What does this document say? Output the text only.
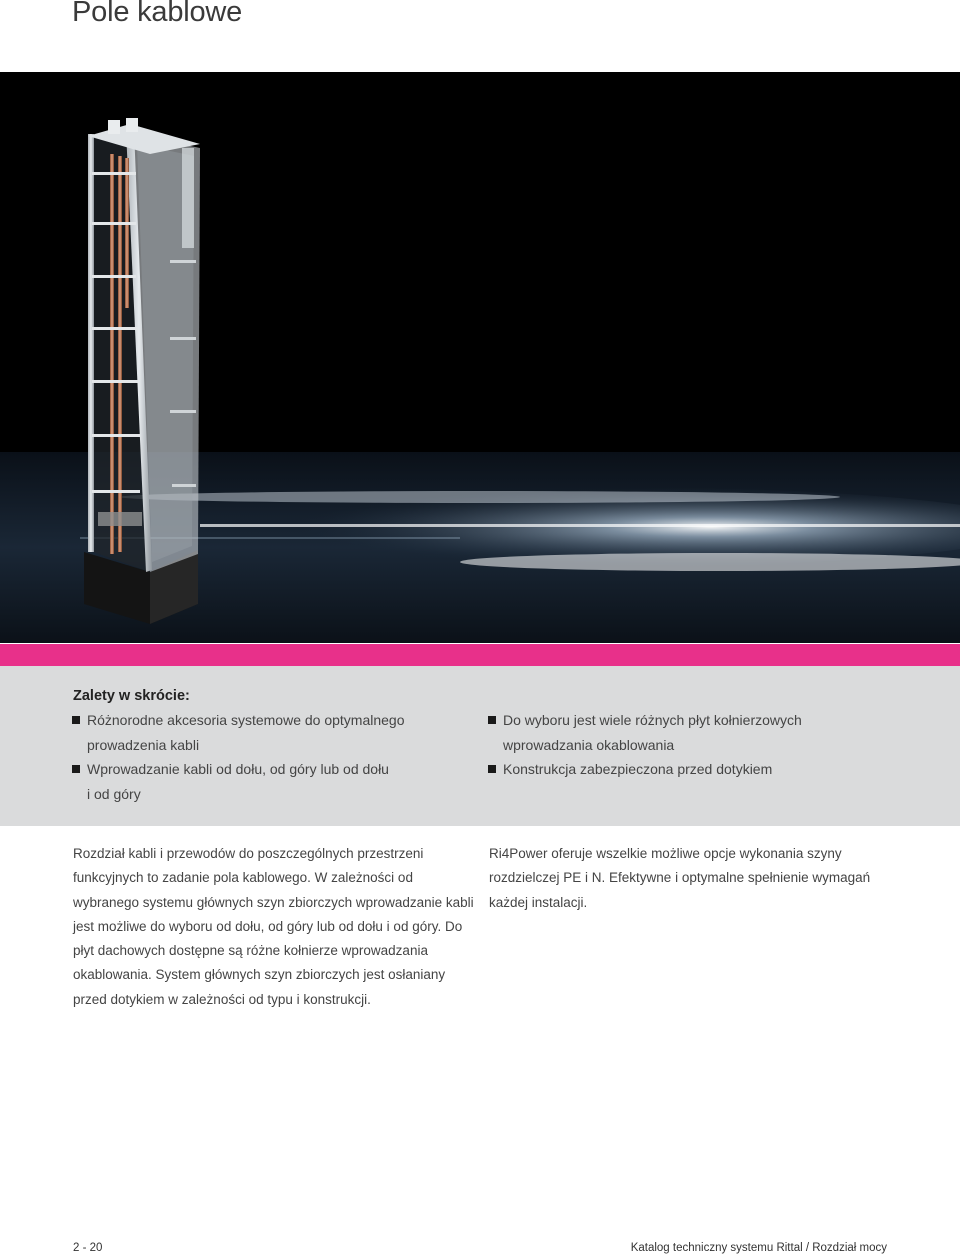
Pole kablowe
Zalety w skrócie:
Różnorodne akcesoria systemowe do optymalnego
prowadzenia kabli
Wprowadzanie kabli od dołu, od góry lub od dołu
i od góry
Do wyboru jest wiele różnych płyt kołnierzowych
wprowadzania okablowania
Konstrukcja zabezpieczona przed dotykiem

Rozdział kabli i przewodów do poszczególnych przestrzeni funkcyjnych to zadanie pola kablowego. W zależności od wybranego systemu głównych szyn zbiorczych wprowadzanie kabli jest możliwe do wyboru od dołu, od góry lub od dołu i od góry. Do płyt dachowych dostępne są różne kołnierze wprowadzania okablowania. System głównych szyn zbiorczych jest osłaniany przed dotykiem w zależności od typu i konstrukcji.

Ri4Power oferuje wszelkie możliwe opcje wykonania szyny rozdzielczej PE i N. Efektywne i optymalne spełnienie wymagań każdej instalacji.

2 - 20	Katalog techniczny systemu Rittal / Rozdział mocy
